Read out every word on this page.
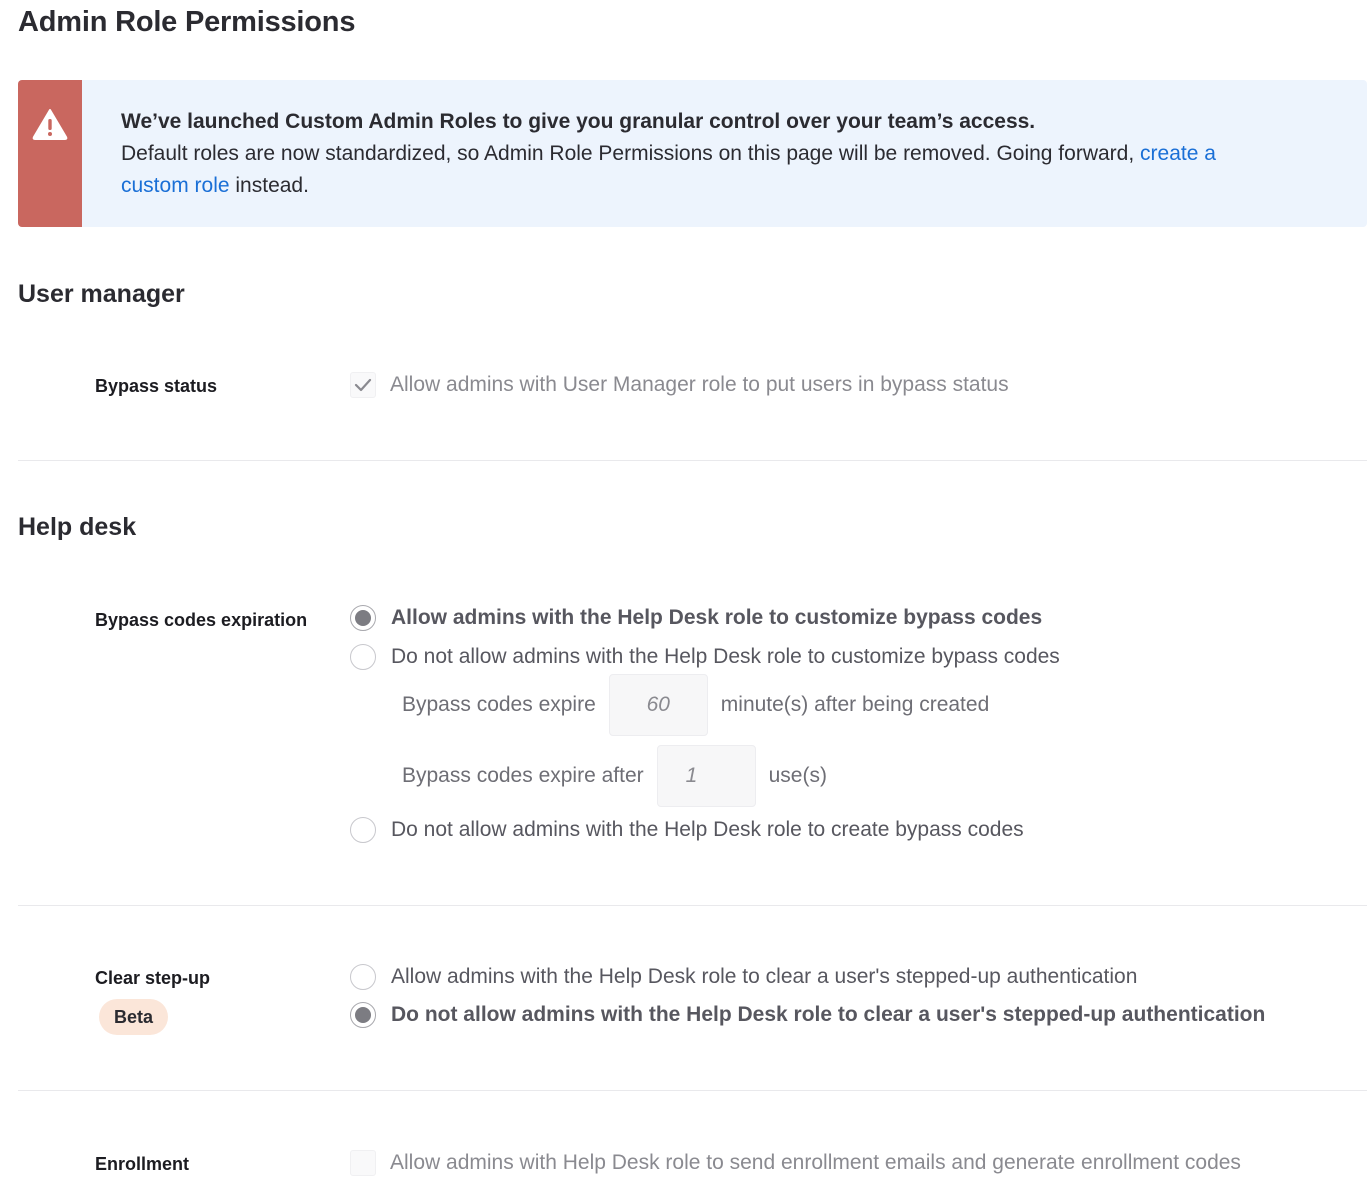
Admin Role Permissions
We’ve launched Custom Admin Roles to give you granular control over your team’s access.
Default roles are now standardized, so Admin Role Permissions on this page will be removed. Going forward, create a custom role instead.
User manager
Bypass status	Allow admins with User Manager role to put users in bypass status
Help desk
Bypass codes expiration	Allow admins with the Help Desk role to customize bypass codes
Do not allow admins with the Help Desk role to customize bypass codes
Bypass codes expire	60	minute(s) after being created
Bypass codes expire after	1	use(s)
Do not allow admins with the Help Desk role to create bypass codes
Clear step-up
Beta
Allow admins with the Help Desk role to clear a user's stepped-up authentication
Do not allow admins with the Help Desk role to clear a user's stepped-up authentication
Enrollment	Allow admins with Help Desk role to send enrollment emails and generate enrollment codes
